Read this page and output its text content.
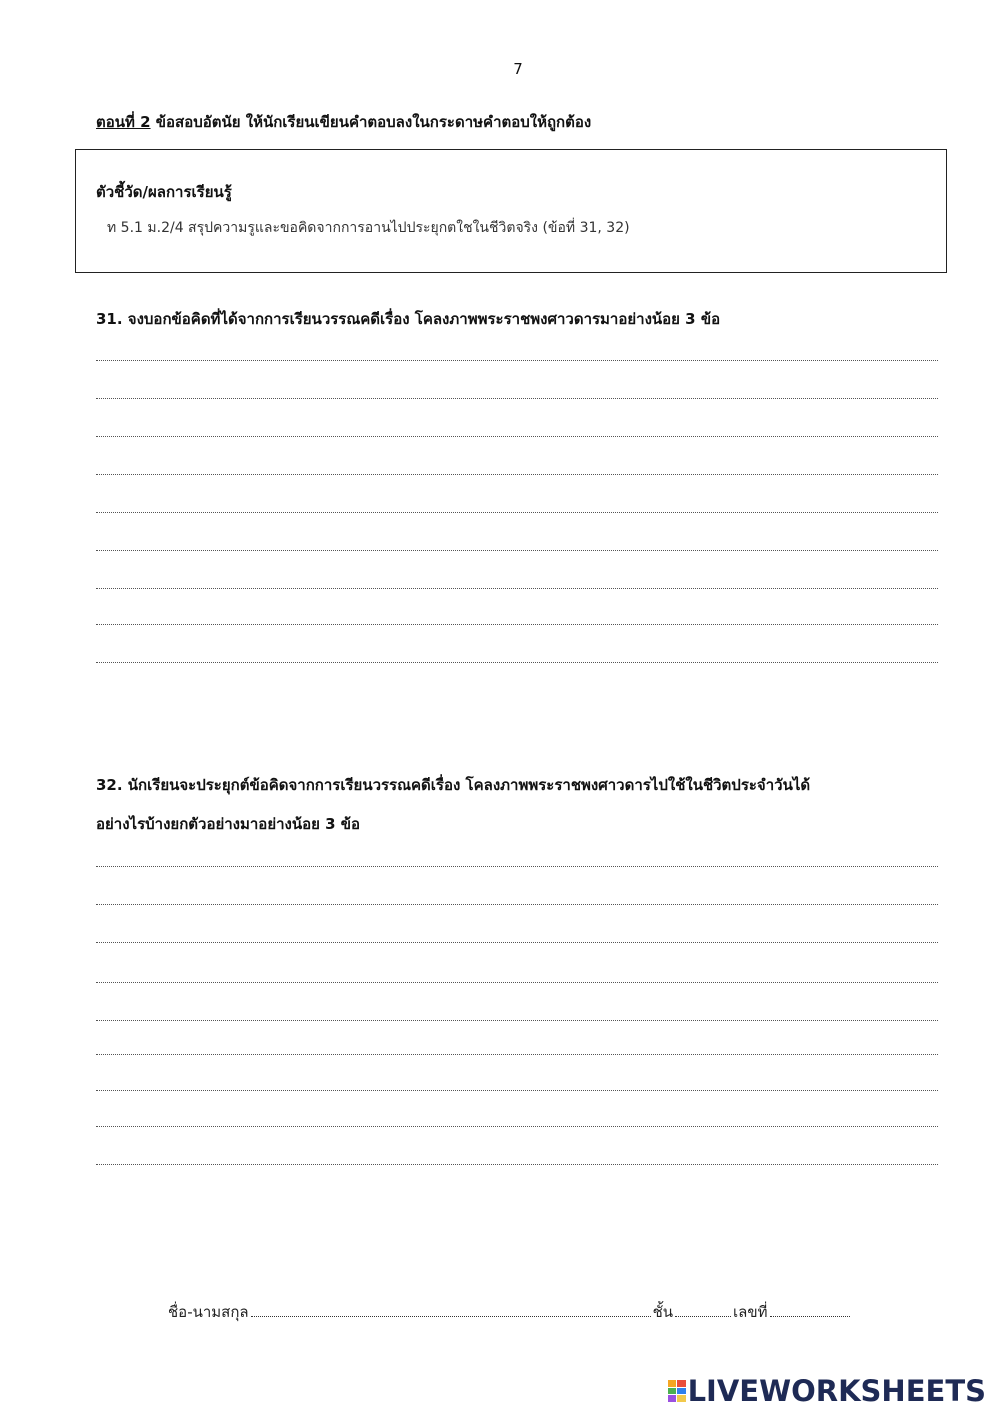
7
ตอนที่ 2 ข้อสอบอัตนัย ให้นักเรียนเขียนคำตอบลงในกระดาษคำตอบให้ถูกต้อง
ตัวชี้วัด/ผลการเรียนรู้
ท 5.1 ม.2/4 สรุปความรูและขอคิดจากการอานไปประยุกตใชในชีวิตจริง (ข้อที่ 31, 32)
31. จงบอกข้อคิดที่ได้จากการเรียนวรรณคดีเรื่อง โคลงภาพพระราชพงศาวดารมาอย่างน้อย 3 ข้อ
32. นักเรียนจะประยุกต์ข้อคิดจากการเรียนวรรณคดีเรื่อง โคลงภาพพระราชพงศาวดารไปใช้ในชีวิตประจำวันได้
อย่างไรบ้างยกตัวอย่างมาอย่างน้อย 3 ข้อ
ชื่อ-นามสกุล	ชั้น	เลขที่
LIVEWORKSHEETS
